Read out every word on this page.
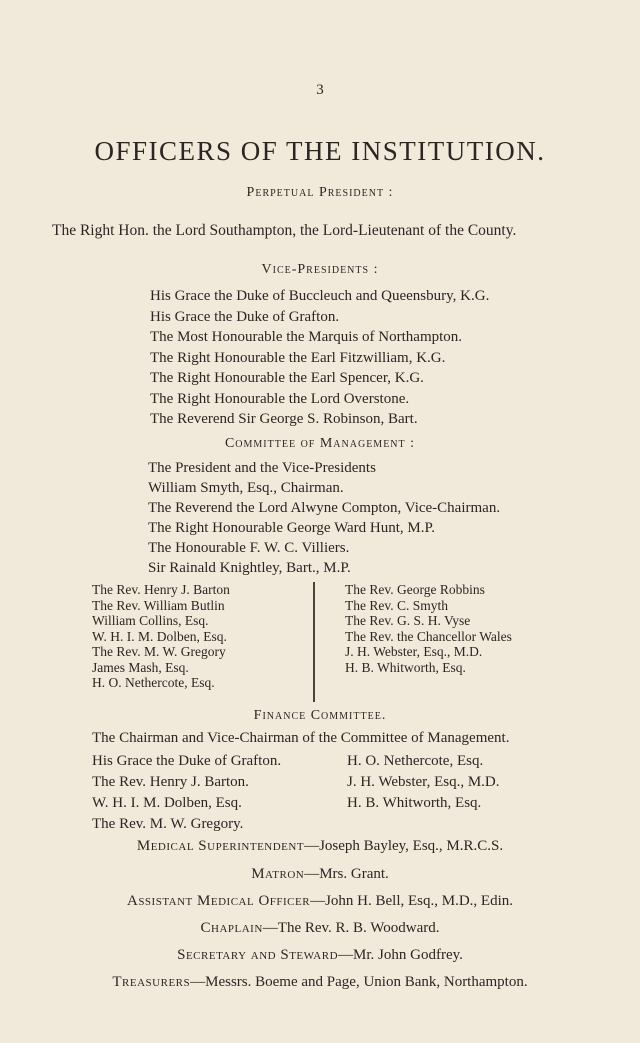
3
OFFICERS OF THE INSTITUTION.
Perpetual President :
The Right Hon. the Lord Southampton, the Lord-Lieutenant of the County.
Vice-Presidents :
His Grace the Duke of Buccleuch and Queensbury, K.G.
His Grace the Duke of Grafton.
The Most Honourable the Marquis of Northampton.
The Right Honourable the Earl Fitzwilliam, K.G.
The Right Honourable the Earl Spencer, K.G.
The Right Honourable the Lord Overstone.
The Reverend Sir George S. Robinson, Bart.
Committee of Management :
The President and the Vice-Presidents
William Smyth, Esq., Chairman.
The Reverend the Lord Alwyne Compton, Vice-Chairman.
The Right Honourable George Ward Hunt, M.P.
The Honourable F. W. C. Villiers.
Sir Rainald Knightley, Bart., M.P.
The Rev. Henry J. Barton
The Rev. William Butlin
William Collins, Esq.
W. H. I. M. Dolben, Esq.
The Rev. M. W. Gregory
James Mash, Esq.
H. O. Nethercote, Esq.
The Rev. George Robbins
The Rev. C. Smyth
The Rev. G. S. H. Vyse
The Rev. the Chancellor Wales
J. H. Webster, Esq., M.D.
H. B. Whitworth, Esq.
Finance Committee.
The Chairman and Vice-Chairman of the Committee of Management.
His Grace the Duke of Grafton.
The Rev. Henry J. Barton.
W. H. I. M. Dolben, Esq.
The Rev. M. W. Gregory.
H. O. Nethercote, Esq.
J. H. Webster, Esq., M.D.
H. B. Whitworth, Esq.
Medical Superintendent—Joseph Bayley, Esq., M.R.C.S.
Matron—Mrs. Grant.
Assistant Medical Officer—John H. Bell, Esq., M.D., Edin.
Chaplain—The Rev. R. B. Woodward.
Secretary and Steward—Mr. John Godfrey.
Treasurers—Messrs. Boeme and Page, Union Bank, Northampton.
